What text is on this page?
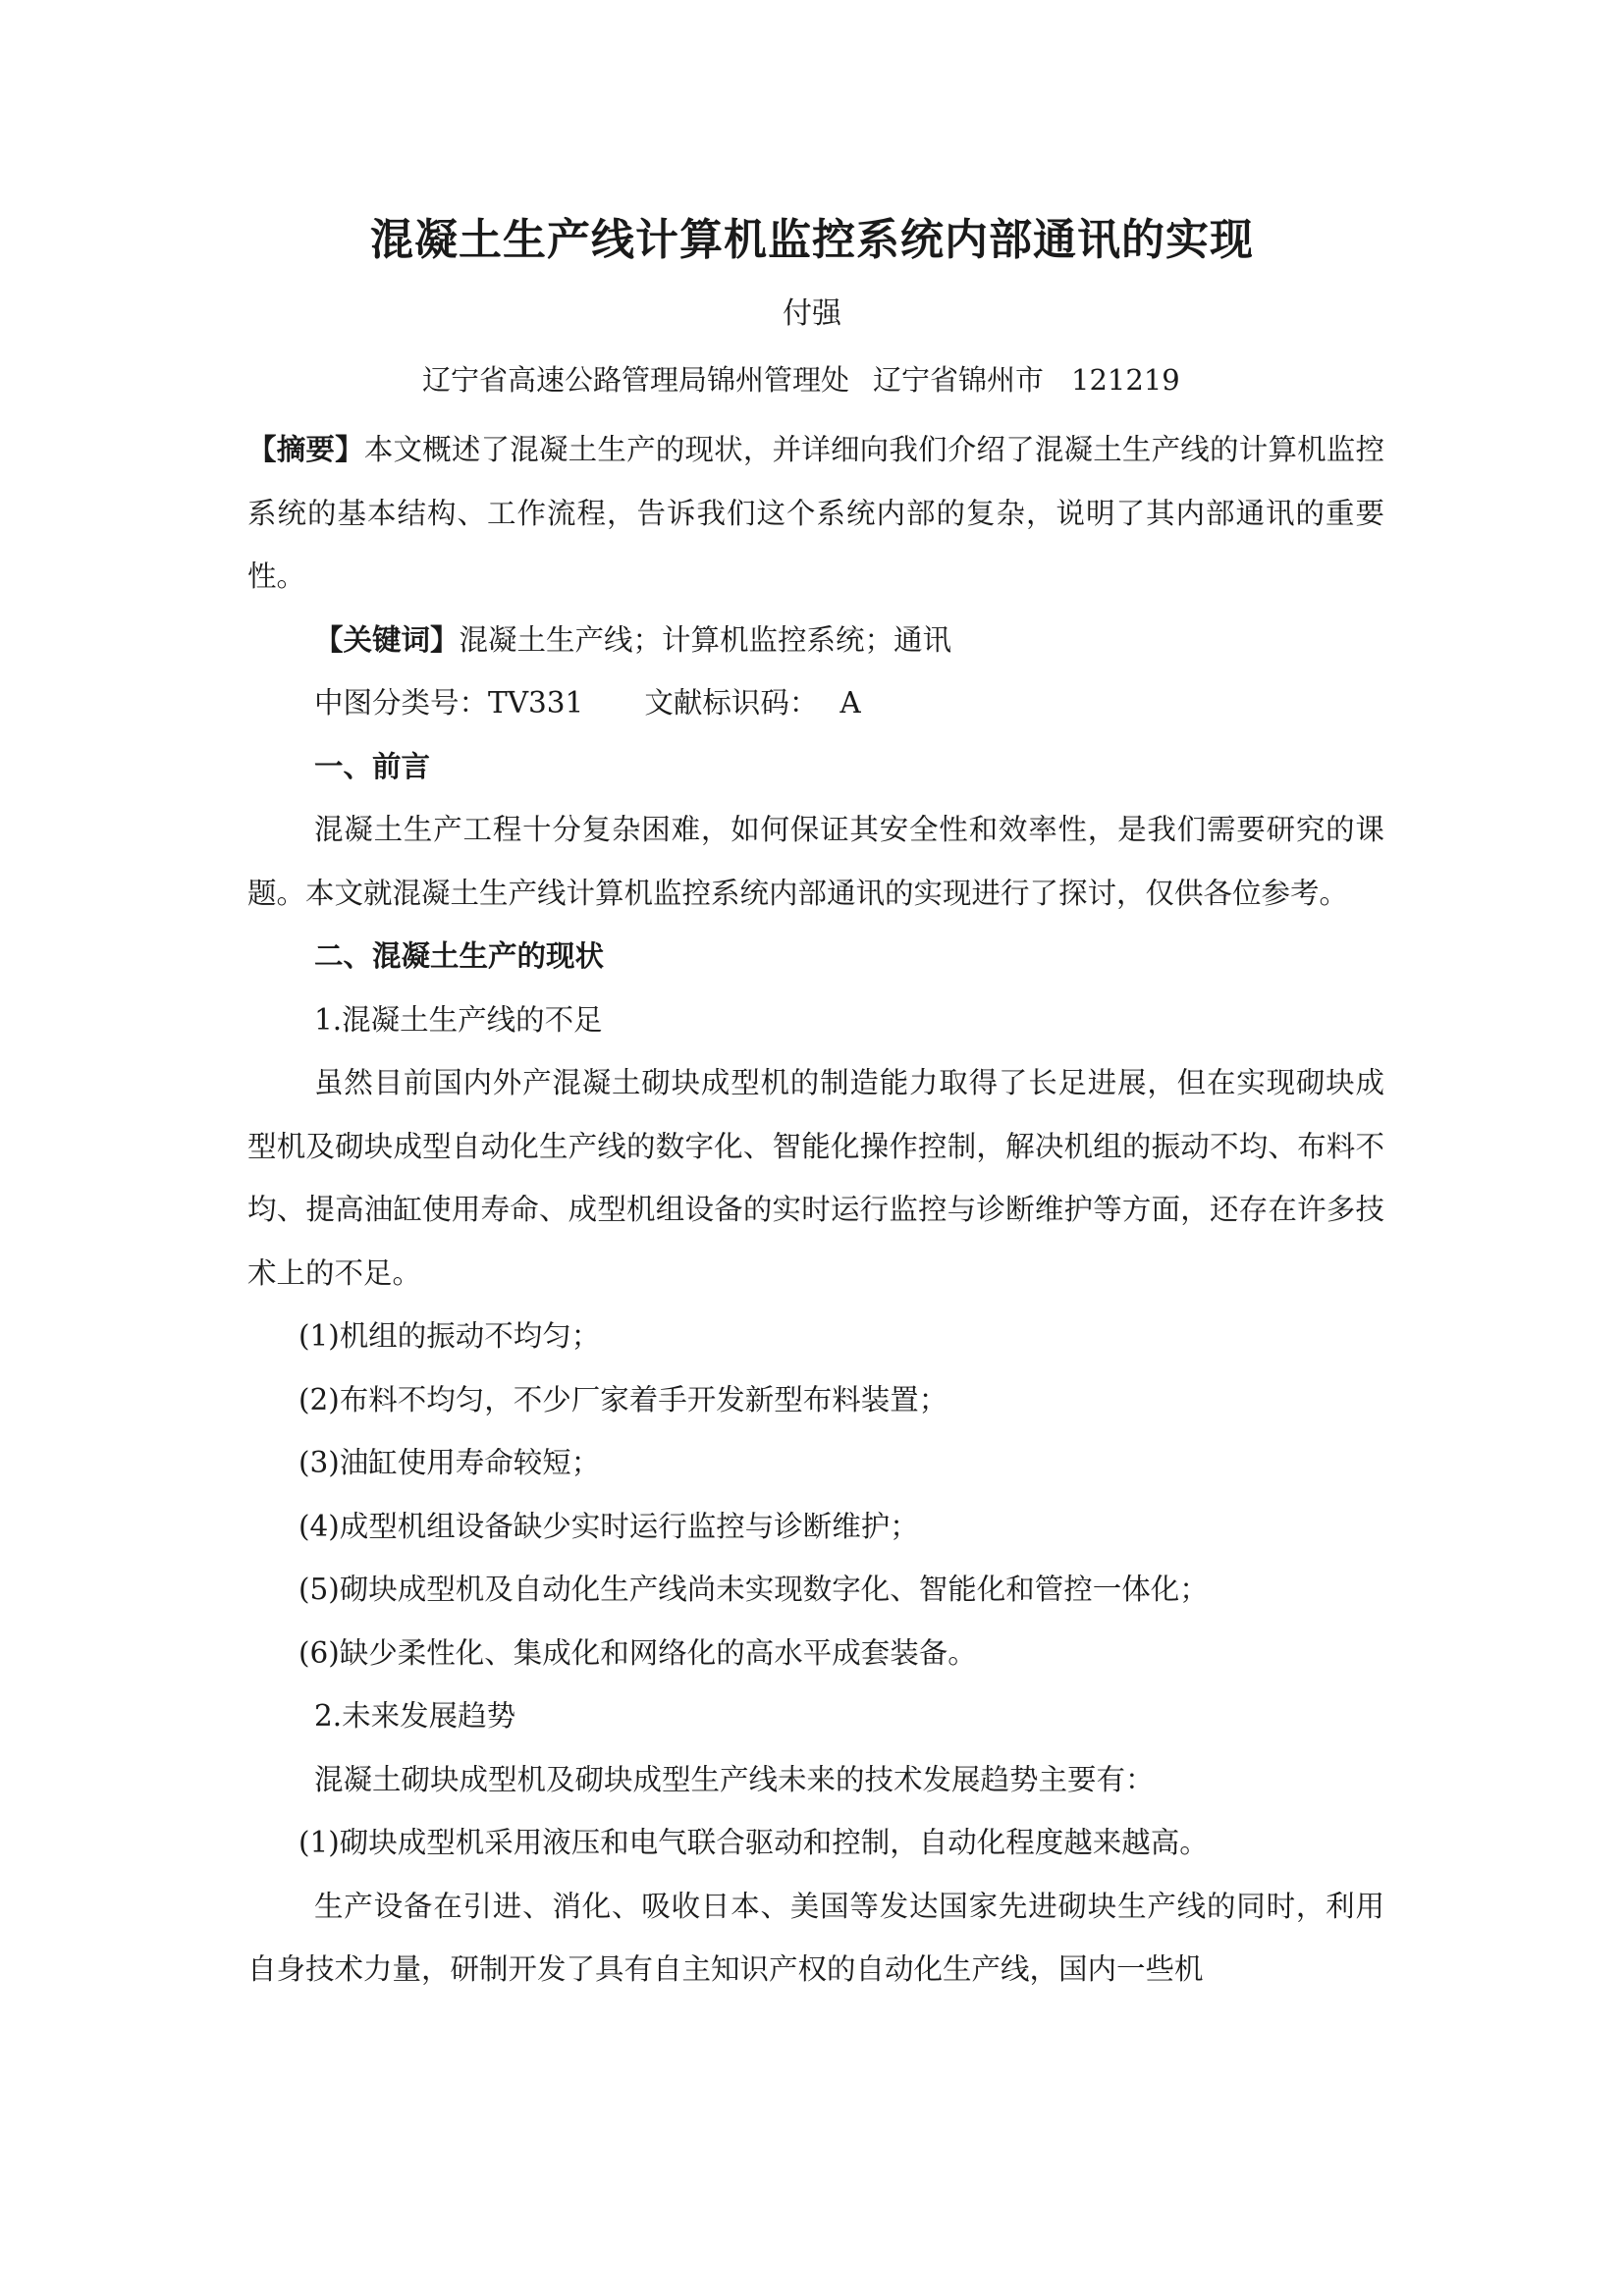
混凝土生产线计算机监控系统内部通讯的实现
付强
辽宁省高速公路管理局锦州管理处 辽宁省锦州市 121219

【摘要】本文概述了混凝土生产的现状，并详细向我们介绍了混凝土生产线的计算机监控系统的基本结构、工作流程，告诉我们这个系统内部的复杂，说明了其内部通讯的重要性。

【关键词】混凝土生产线；计算机监控系统；通讯

中图分类号：TV331 文献标识码： A

一、前言

混凝土生产工程十分复杂困难，如何保证其安全性和效率性，是我们需要研究的课题。本文就混凝土生产线计算机监控系统内部通讯的实现进行了探讨，仅供各位参考。

二、混凝土生产的现状

1.混凝土生产线的不足

虽然目前国内外产混凝土砌块成型机的制造能力取得了长足进展，但在实现砌块成型机及砌块成型自动化生产线的数字化、智能化操作控制，解决机组的振动不均、布料不均、提高油缸使用寿命、成型机组设备的实时运行监控与诊断维护等方面，还存在许多技术上的不足。

(1)机组的振动不均匀；

(2)布料不均匀，不少厂家着手开发新型布料装置；

(3)油缸使用寿命较短；

(4)成型机组设备缺少实时运行监控与诊断维护；

(5)砌块成型机及自动化生产线尚未实现数字化、智能化和管控一体化；

(6)缺少柔性化、集成化和网络化的高水平成套装备。

2.未来发展趋势

混凝土砌块成型机及砌块成型生产线未来的技术发展趋势主要有：

(1)砌块成型机采用液压和电气联合驱动和控制，自动化程度越来越高。

生产设备在引进、消化、吸收日本、美国等发达国家先进砌块生产线的同时，利用自身技术力量，研制开发了具有自主知识产权的自动化生产线，国内一些机
